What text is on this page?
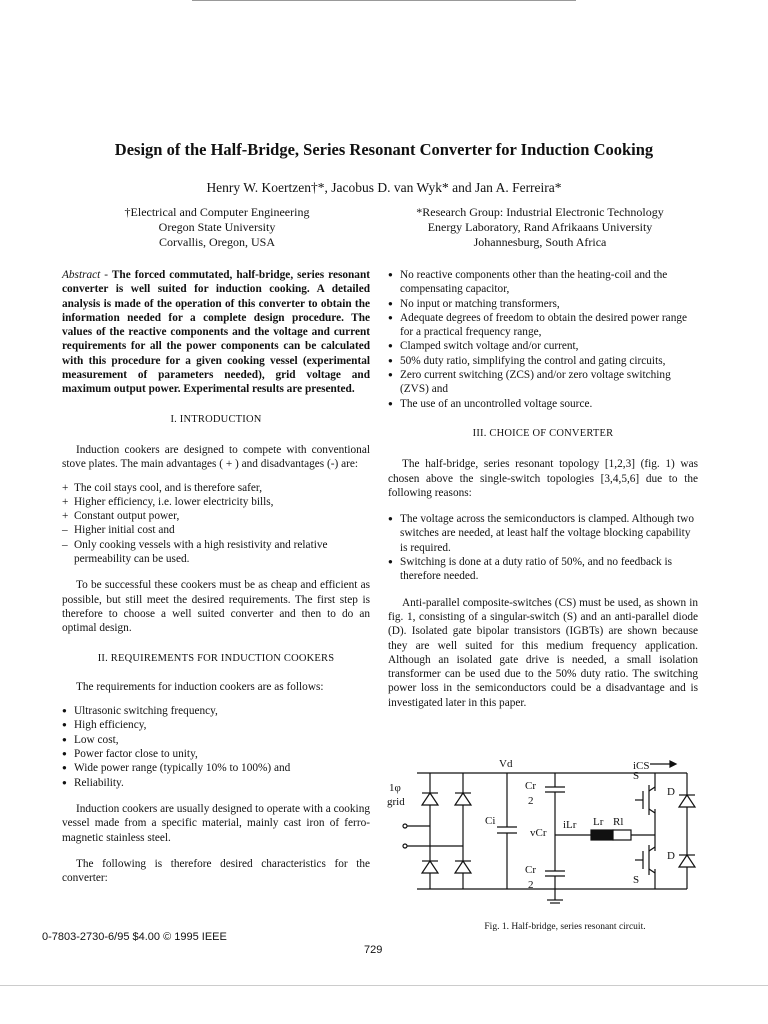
Design of the Half-Bridge, Series Resonant Converter for Induction Cooking
Henry W. Koertzen†*, Jacobus D. van Wyk* and Jan A. Ferreira*
†Electrical and Computer Engineering
Oregon State University
Corvallis, Oregon, USA
*Research Group: Industrial Electronic Technology
Energy Laboratory, Rand Afrikaans University
Johannesburg, South Africa

Abstract - The forced commutated, half-bridge, series resonant converter is well suited for induction cooking. A detailed analysis is made of the operation of this converter to obtain the information needed for a complete design procedure. The values of the reactive components and the voltage and current requirements for all the power components can be calculated with this procedure for a given cooking vessel (experimental measurement of parameters needed), grid voltage and maximum output power. Experimental results are presented.

I. INTRODUCTION

Induction cookers are designed to compete with conventional stove plates. The main advantages ( + ) and disadvantages (-) are:

+ The coil stays cool, and is therefore safer,
+ Higher efficiency, i.e. lower electricity bills,
+ Constant output power,
– Higher initial cost and
– Only cooking vessels with a high resistivity and relative permeability can be used.

To be successful these cookers must be as cheap and efficient as possible, but still meet the desired requirements. The first step is therefore to choose a well suited converter and then to do an optimal design.

II. REQUIREMENTS FOR INDUCTION COOKERS

The requirements for induction cookers are as follows:

● Ultrasonic switching frequency,
● High efficiency,
● Low cost,
● Power factor close to unity,
● Wide power range (typically 10% to 100%) and
● Reliability.

Induction cookers are usually designed to operate with a cooking vessel made from a specific material, mainly cast iron of ferro-magnetic stainless steel.

The following is therefore desired characteristics for the converter:

● No reactive components other than the heating-coil and the compensating capacitor,
● No input or matching transformers,
● Adequate degrees of freedom to obtain the desired power range for a practical frequency range,
● Clamped switch voltage and/or current,
● 50% duty ratio, simplifying the control and gating circuits,
● Zero current switching (ZCS) and/or zero voltage switching (ZVS) and
● The use of an uncontrolled voltage source.
III. CHOICE OF CONVERTER

The half-bridge, series resonant topology [1,2,3] (fig. 1) was chosen above the single-switch topologies [3,4,5,6] due to the following reasons:

● The voltage across the semiconductors is clamped. Although two switches are needed, at least half the voltage blocking capability is required.
● Switching is done at a duty ratio of 50%, and no feedback is therefore needed.

Anti-parallel composite-switches (CS) must be used, as shown in fig. 1, consisting of a singular-switch (S) and an anti-parallel diode (D). Isolated gate bipolar transistors (IGBTs) are shown because they are well suited for this medium frequency application. Although an isolated gate drive is needed, a small isolation transformer can be used due to the 50% duty ratio. The switching power loss in the semiconductors could be a disadvantage and is investigated later in this paper.

Vd	iCS
1φ
grid
Cr
2
Ci
vCr
iLr Lr Rl
Cr
2
S
D
S
D
Fig. 1. Half-bridge, series resonant circuit.
0-7803-2730-6/95 $4.00 © 1995 IEEE
729
